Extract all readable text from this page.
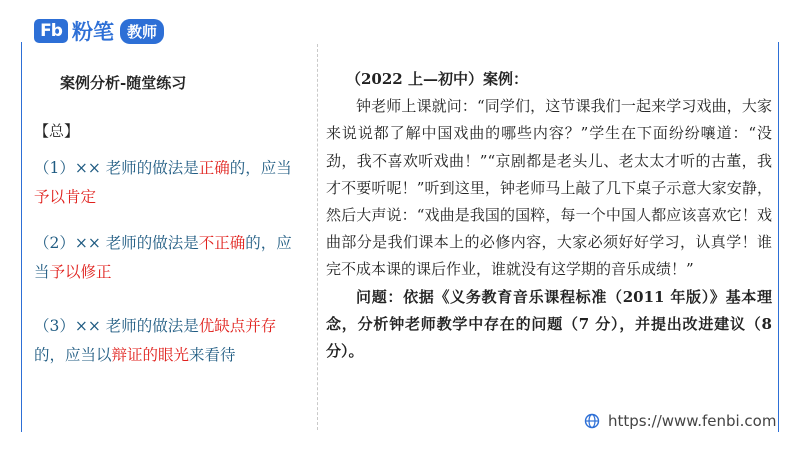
Fb 粉笔 教师
案例分析-随堂练习
【总】
（1）×× 老师的做法是正确的，应当予以肯定
（2）×× 老师的做法是不正确的，应当予以修正
（3）×× 老师的做法是优缺点并存的，应当以辩证的眼光来看待

（2022 上—初中）案例：

钟老师上课就问：“同学们，这节课我们一起来学习戏曲，大家来说说都了解中国戏曲的哪些内容？”学生在下面纷纷嚷道：“没劲，我不喜欢听戏曲！”“京剧都是老头儿、老太太才听的古董，我才不要听呢！”听到这里，钟老师马上敲了几下桌子示意大家安静，然后大声说：“戏曲是我国的国粹，每一个中国人都应该喜欢它！戏曲部分是我们课本上的必修内容，大家必须好好学习，认真学！谁完不成本课的课后作业，谁就没有这学期的音乐成绩！”

问题：依据《义务教育音乐课程标准（2011 年版）》基本理念，分析钟老师教学中存在的问题（7 分），并提出改进建议（8 分）。

https://www.fenbi.com
